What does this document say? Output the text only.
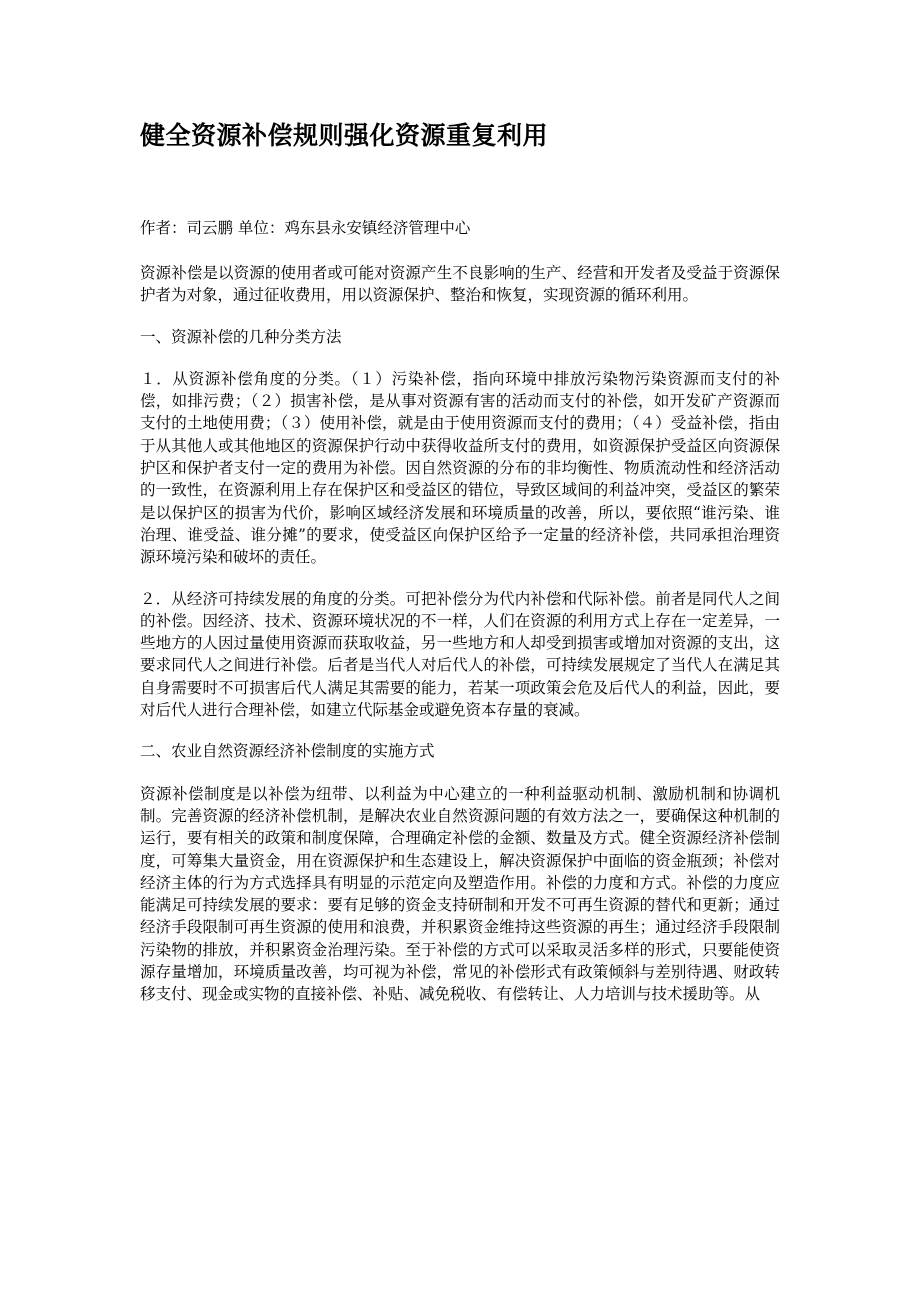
健全资源补偿规则强化资源重复利用

作者：司云鹏 单位：鸡东县永安镇经济管理中心

资源补偿是以资源的使用者或可能对资源产生不良影响的生产、经营和开发者及受益于资源保护者为对象，通过征收费用，用以资源保护、整治和恢复，实现资源的循环利用。

一、资源补偿的几种分类方法

１．从资源补偿角度的分类。（１）污染补偿，指向环境中排放污染物污染资源而支付的补偿，如排污费；（２）损害补偿，是从事对资源有害的活动而支付的补偿，如开发矿产资源而支付的土地使用费；（３）使用补偿，就是由于使用资源而支付的费用；（４）受益补偿，指由于从其他人或其他地区的资源保护行动中获得收益所支付的费用，如资源保护受益区向资源保护区和保护者支付一定的费用为补偿。因自然资源的分布的非均衡性、物质流动性和经济活动的一致性，在资源利用上存在保护区和受益区的错位，导致区域间的利益冲突，受益区的繁荣是以保护区的损害为代价，影响区域经济发展和环境质量的改善，所以，要依照“谁污染、谁治理、谁受益、谁分摊”的要求，使受益区向保护区给予一定量的经济补偿，共同承担治理资源环境污染和破坏的责任。

２．从经济可持续发展的角度的分类。可把补偿分为代内补偿和代际补偿。前者是同代人之间的补偿。因经济、技术、资源环境状况的不一样，人们在资源的利用方式上存在一定差异，一些地方的人因过量使用资源而获取收益，另一些地方和人却受到损害或增加对资源的支出，这要求同代人之间进行补偿。后者是当代人对后代人的补偿，可持续发展规定了当代人在满足其自身需要时不可损害后代人满足其需要的能力，若某一项政策会危及后代人的利益，因此，要对后代人进行合理补偿，如建立代际基金或避免资本存量的衰减。

二、农业自然资源经济补偿制度的实施方式

资源补偿制度是以补偿为纽带、以利益为中心建立的一种利益驱动机制、激励机制和协调机制。完善资源的经济补偿机制，是解决农业自然资源问题的有效方法之一，要确保这种机制的运行，要有相关的政策和制度保障，合理确定补偿的金额、数量及方式。健全资源经济补偿制度，可筹集大量资金，用在资源保护和生态建设上，解决资源保护中面临的资金瓶颈；补偿对经济主体的行为方式选择具有明显的示范定向及塑造作用。补偿的力度和方式。补偿的力度应能满足可持续发展的要求：要有足够的资金支持研制和开发不可再生资源的替代和更新；通过经济手段限制可再生资源的使用和浪费，并积累资金维持这些资源的再生；通过经济手段限制污染物的排放，并积累资金治理污染。至于补偿的方式可以采取灵活多样的形式，只要能使资源存量增加，环境质量改善，均可视为补偿，常见的补偿形式有政策倾斜与差别待遇、财政转移支付、现金或实物的直接补偿、补贴、减免税收、有偿转让、人力培训与技术援助等。从
